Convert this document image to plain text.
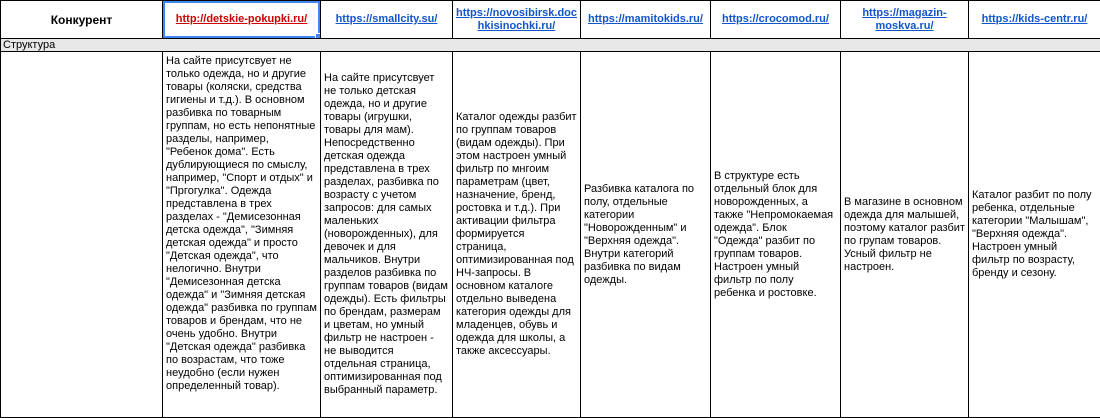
Конкурент	http://detskie-pokupki.ru/	https://smallcity.su/	https://novosibirsk.dochkisinochki.ru/	https://mamitokids.ru/	https://crocomod.ru/	https://magazin-moskva.ru/	https://kids-centr.ru/
Структура							
	На сайте присутсвует не только одежда, но и другие товары (коляски, средства гигиены и т.д.). В основном разбивка по товарным группам, но есть непонятные разделы, например, "Ребенок дома". Есть дублирующиеся по смыслу, например, "Спорт и отдых" и "Пргогулка". Одежда представлена в трех разделах - "Демисезонная детска одежда", "Зимняя детская одежда" и просто "Детская одежда", что нелогично. Внутри "Демисезонная детска одежда" и "Зимняя детская одежда" разбивка по группам товаров и брендам, что не очень удобно. Внутри "Детская одежда" разбивка по возрастам, что тоже неудобно (если нужен определенный товар).	На сайте присутсвует не только детская одежда, но и другие товары (игрушки, товары для мам). Непосредственно детская одежда представлена в трех разделах, разбивка по возрасту с учетом запросов: для самых маленьких (новорожденных), для девочек и для мальчиков. Внутри разделов разбивка по группам товаров (видам одежды). Есть фильтры по брендам, размерам и цветам, но умный фильтр не настроен - не выводится отдельная страница, оптимизированная под выбранный параметр.	Каталог одежды разбит по группам товаров (видам одежды). При этом настроен умный фильтр по мнгоим параметрам (цвет, назначение, бренд, ростовка и т.д.). При активации фильтра формируется страница, оптимизированная под НЧ-запросы. В основном каталоге отдельно выведена категория одежды для младенцев, обувь и одежда для школы, а также аксессуары.	Разбивка каталога по полу, отдельные категории "Новорожденным" и "Верхняя одежда". Внутри категорий разбивка по видам одежды.	В структуре есть отдельный блок для новорожденных, а также "Непромокаемая одежда". Блок "Одежда" разбит по группам товаров. Настроен умный фильтр по полу ребенка и ростовке.	В магазине в основном одежда для малышей, поэтому каталог разбит по групам товаров. Усный фильтр не настроен.	Каталог разбит по полу ребенка, отдельные категории "Малышам", "Верхняя одежда". Настроен умный фильтр по возрасту, бренду и сезону.
